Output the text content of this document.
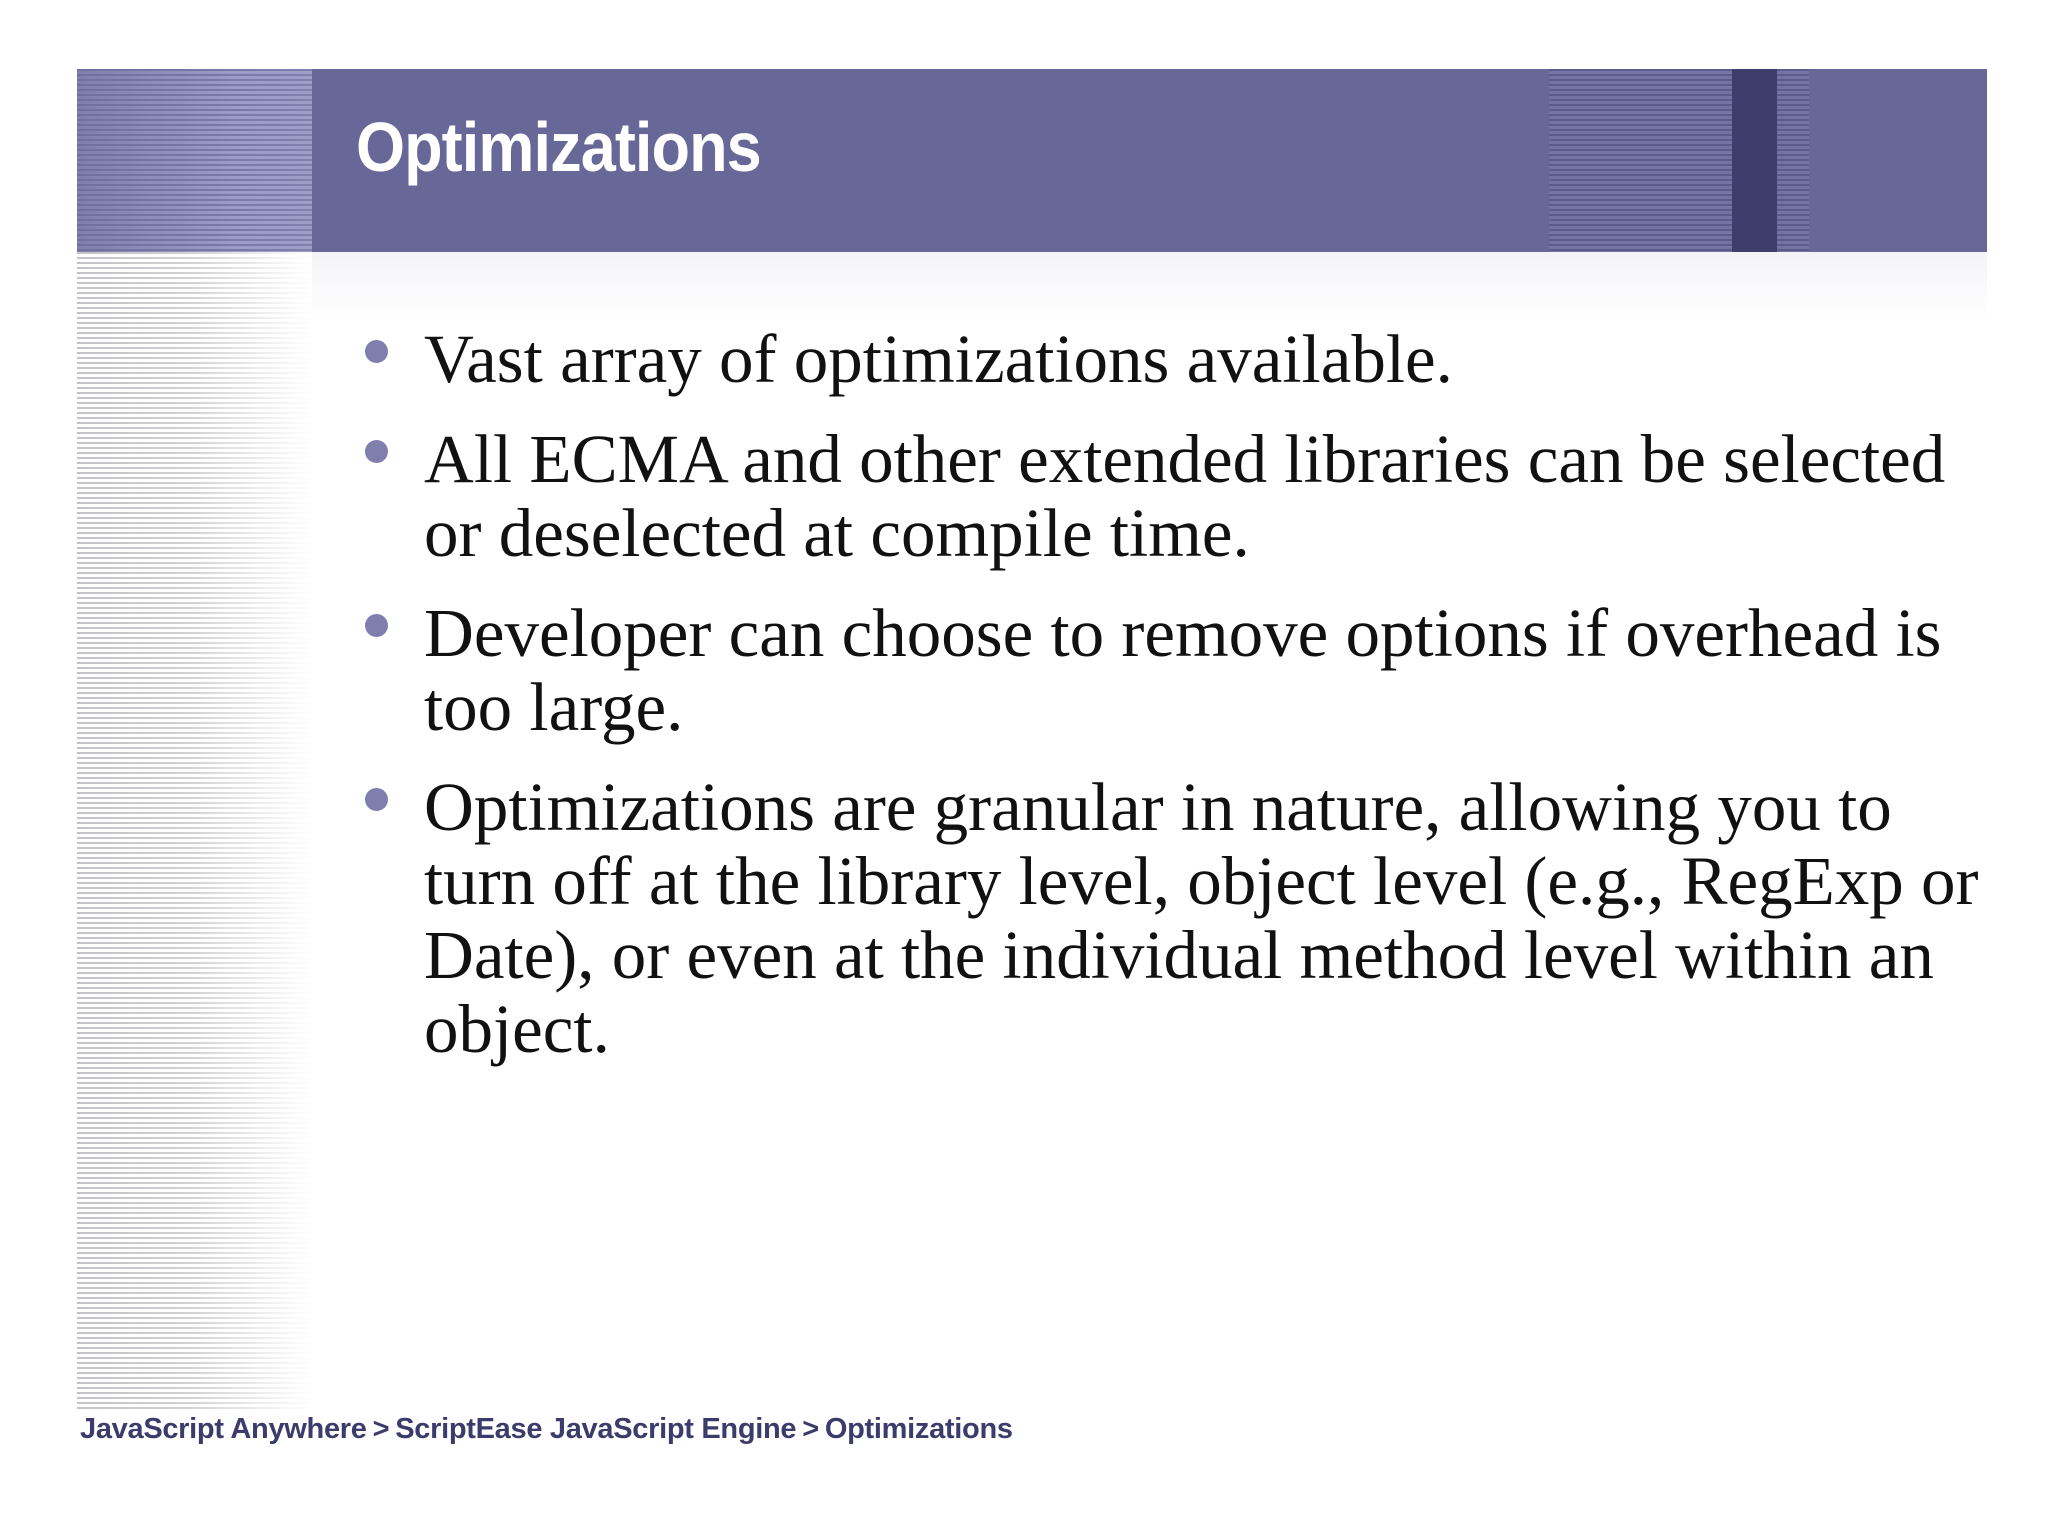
Optimizations
Vast array of optimizations available.
All ECMA and other extended libraries can be selected or deselected at compile time.
Developer can choose to remove options if overhead is too large.
Optimizations are granular in nature, allowing you to turn off at the library level, object level (e.g., RegExp or Date), or even at the individual method level within an object.
JavaScript Anywhere > ScriptEase JavaScript Engine > Optimizations
